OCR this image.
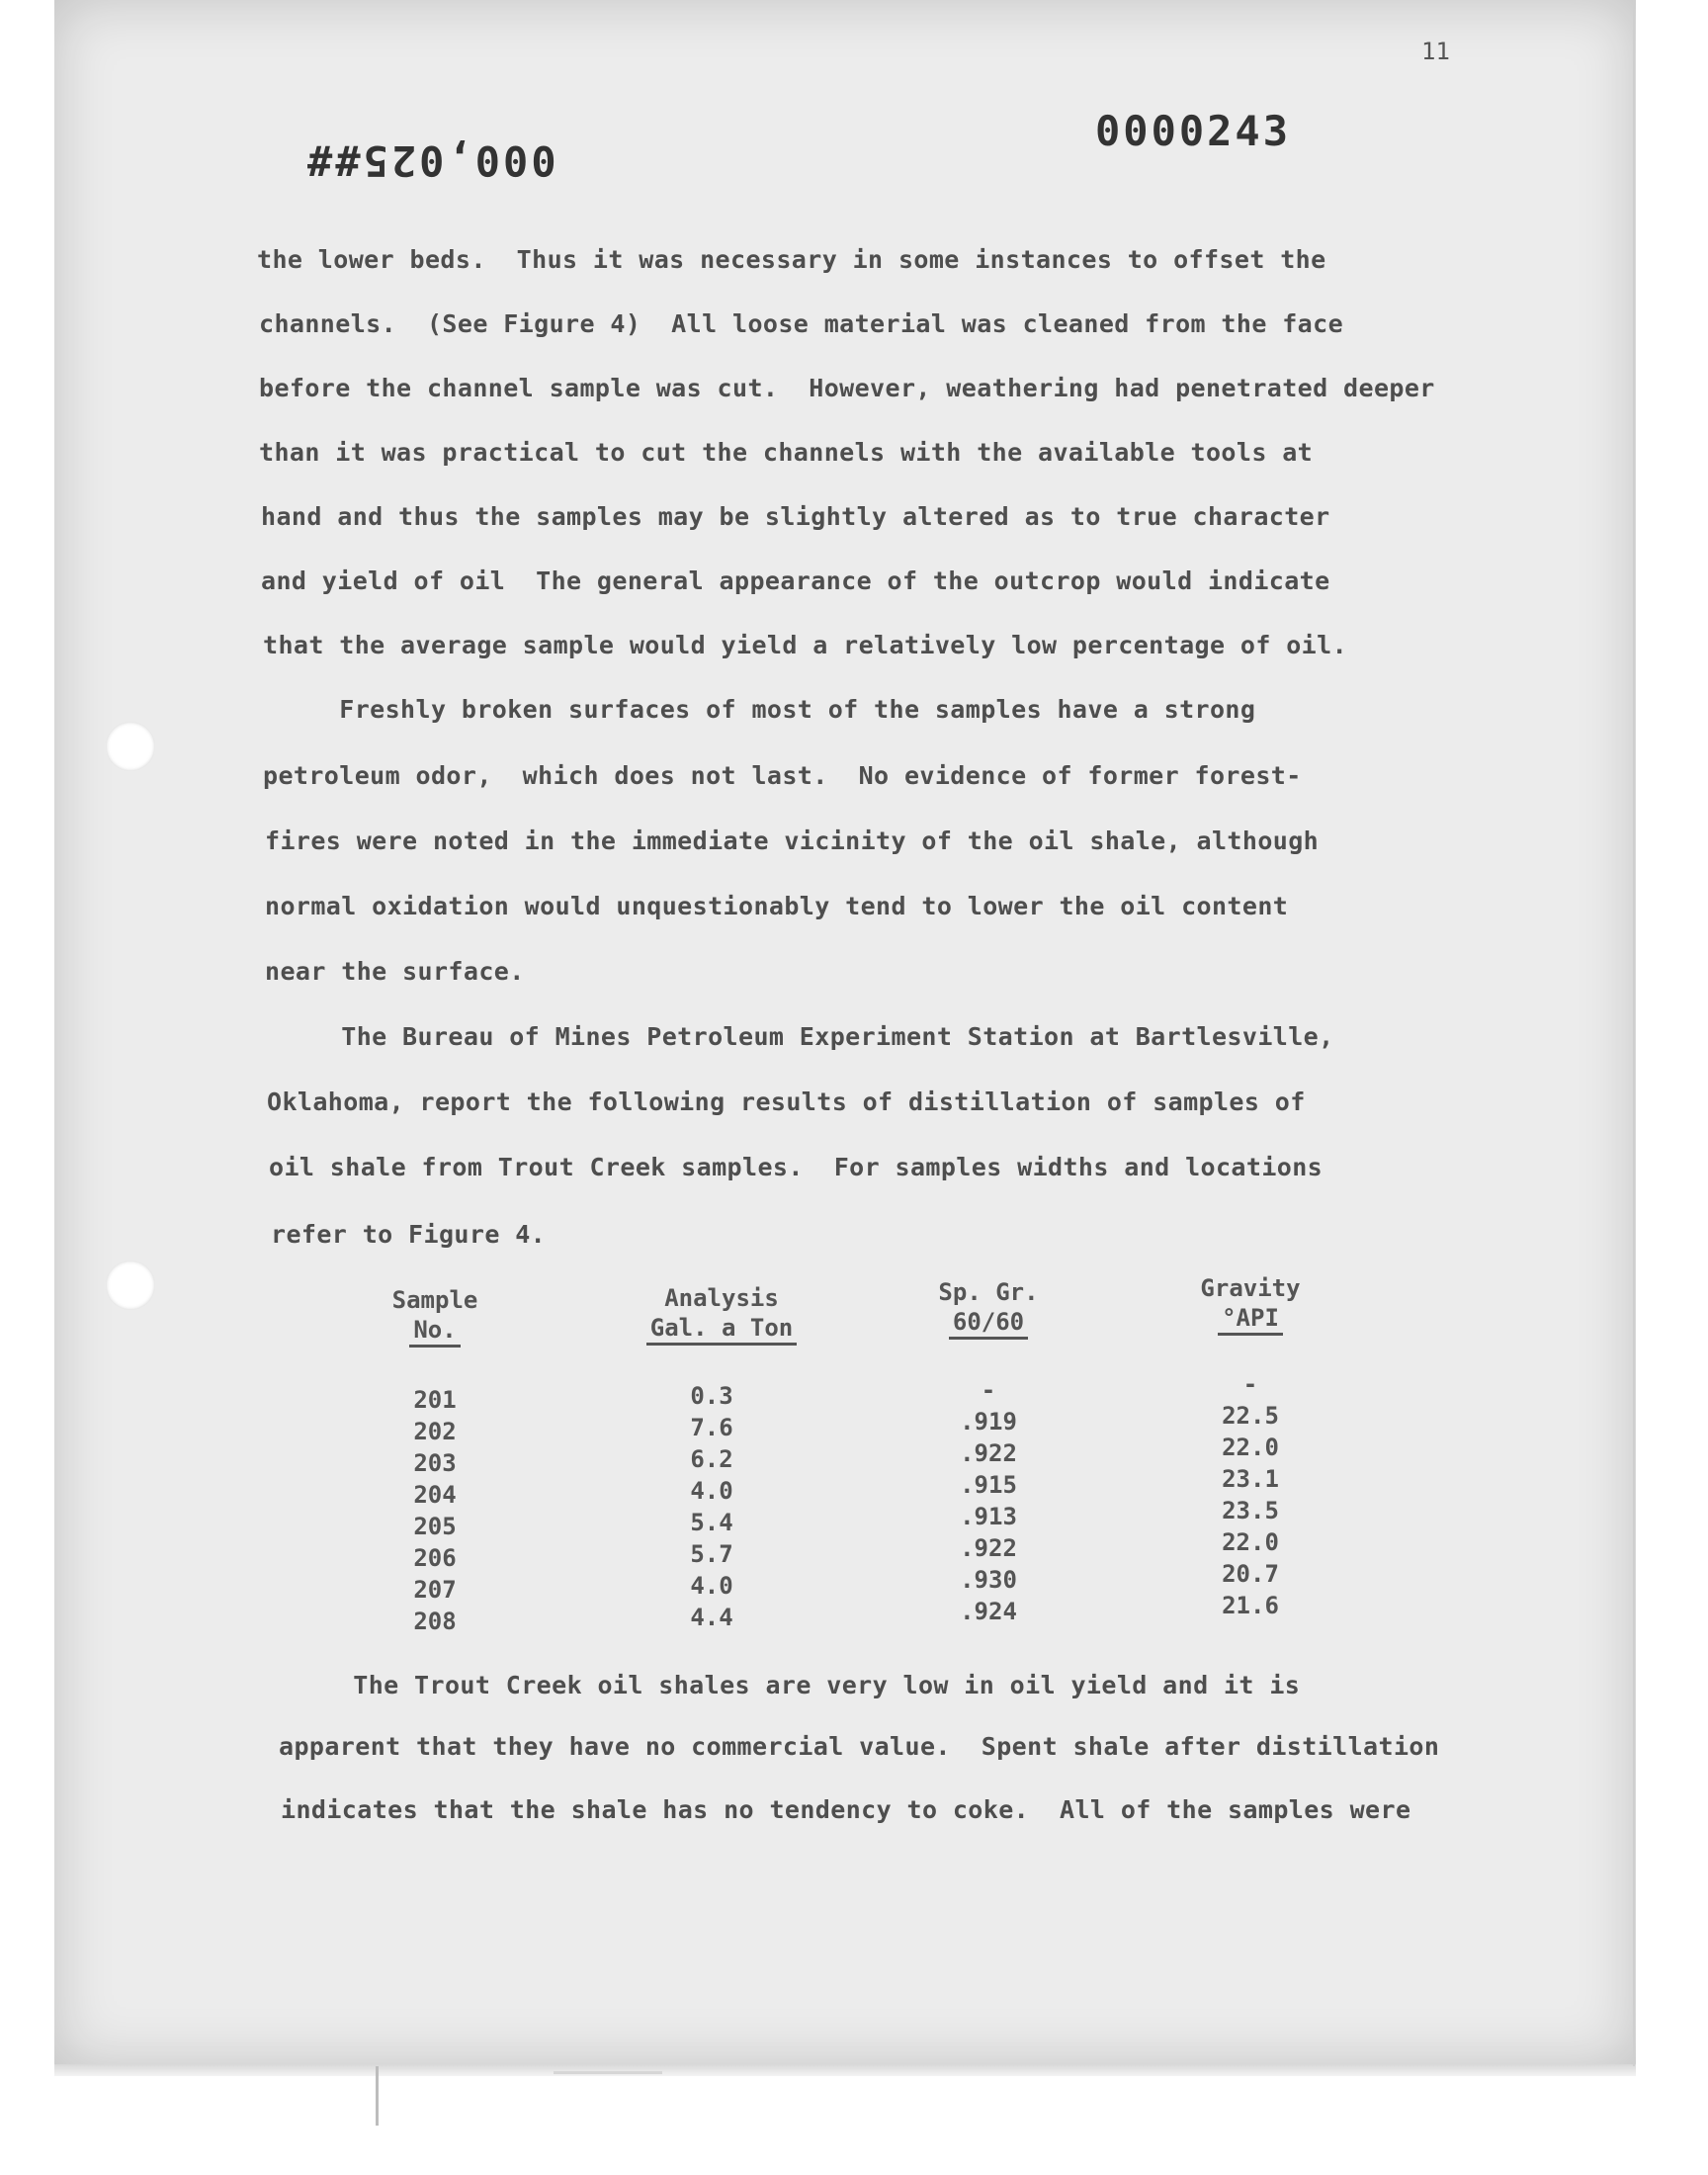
11
000,025##
0000243
the lower beds.  Thus it was necessary in some instances to offset the
channels.  (See Figure 4)  All loose material was cleaned from the face
before the channel sample was cut.  However, weathering had penetrated deeper
than it was practical to cut the channels with the available tools at
hand and thus the samples may be slightly altered as to true character
and yield of oil  The general appearance of the outcrop would indicate
that the average sample would yield a relatively low percentage of oil.
Freshly broken surfaces of most of the samples have a strong
petroleum odor,  which does not last.  No evidence of former forest-
fires were noted in the immediate vicinity of the oil shale, although
normal oxidation would unquestionably tend to lower the oil content
near the surface.
The Bureau of Mines Petroleum Experiment Station at Bartlesville,
Oklahoma, report the following results of distillation of samples of
oil shale from Trout Creek samples.  For samples widths and locations
refer to Figure 4.
Sample
No.
Analysis
Gal. a Ton
Sp. Gr.
60/60
Gravity
°API
201
202
203
204
205
206
207
208
0.3
7.6
6.2
4.0
5.4
5.7
4.0
4.4
-
.919
.922
.915
.913
.922
.930
.924
-
22.5
22.0
23.1
23.5
22.0
20.7
21.6
The Trout Creek oil shales are very low in oil yield and it is
apparent that they have no commercial value.  Spent shale after distillation
indicates that the shale has no tendency to coke.  All of the samples were
